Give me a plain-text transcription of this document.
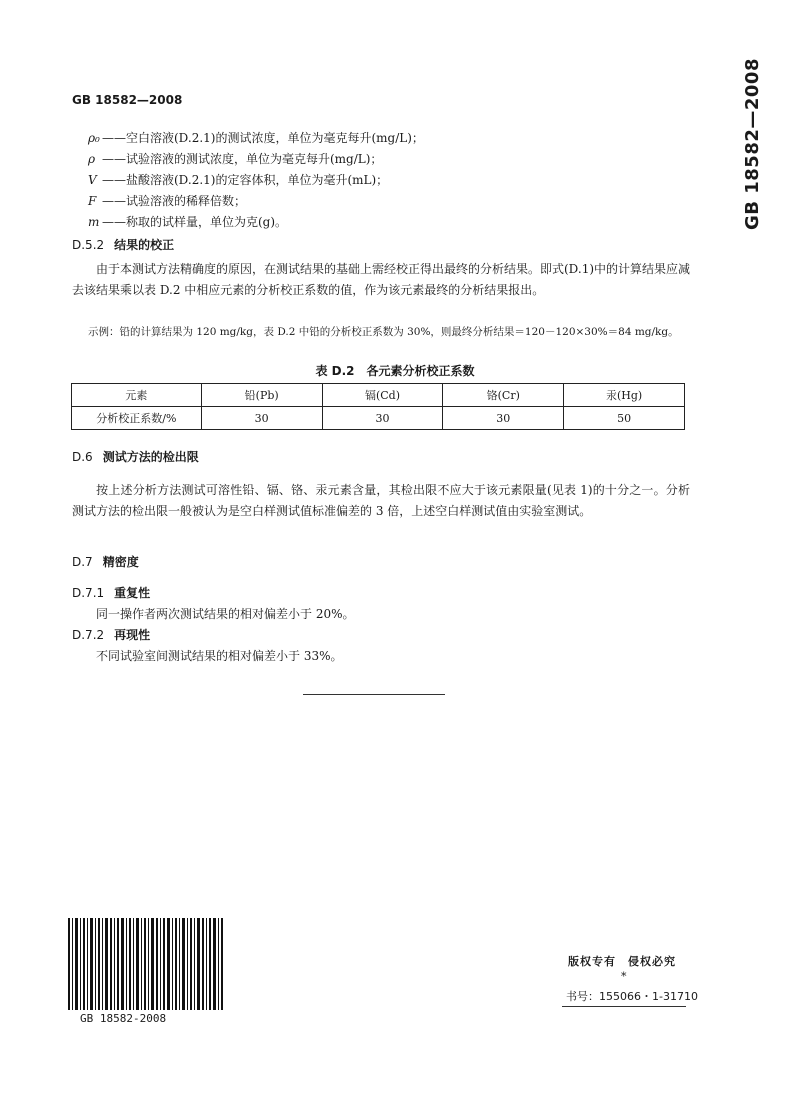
GB 18582—2008	GB 18582—2008
ρ₀ ——空白溶液(D.2.1)的测试浓度，单位为毫克每升(mg/L)；
ρ ——试验溶液的测试浓度，单位为毫克每升(mg/L)；
V ——盐酸溶液(D.2.1)的定容体积，单位为毫升(mL)；
F ——试验溶液的稀释倍数；
m ——称取的试样量，单位为克(g)。
D.5.2 结果的校正
由于本测试方法精确度的原因，在测试结果的基础上需经校正得出最终的分析结果。即式(D.1)中的计算结果应减去该结果乘以表 D.2 中相应元素的分析校正系数的值，作为该元素最终的分析结果报出。
示例：铅的计算结果为 120 mg/kg，表 D.2 中铅的分析校正系数为 30%，则最终分析结果＝120－120×30%＝84 mg/kg。
表 D.2　各元素分析校正系数
元素	铅(Pb)	镉(Cd)	铬(Cr)	汞(Hg)
分析校正系数/%	30	30	30	50
D.6 测试方法的检出限
按上述分析方法测试可溶性铅、镉、铬、汞元素含量，其检出限不应大于该元素限量(见表 1)的十分之一。分析测试方法的检出限一般被认为是空白样测试值标准偏差的 3 倍，上述空白样测试值由实验室测试。
D.7 精密度
D.7.1 重复性
同一操作者两次测试结果的相对偏差小于 20%。
D.7.2 再现性
不同试验室间测试结果的相对偏差小于 33%。
GB 18582-2008
版权专有　侵权必究
*
书号：155066・1-31710
